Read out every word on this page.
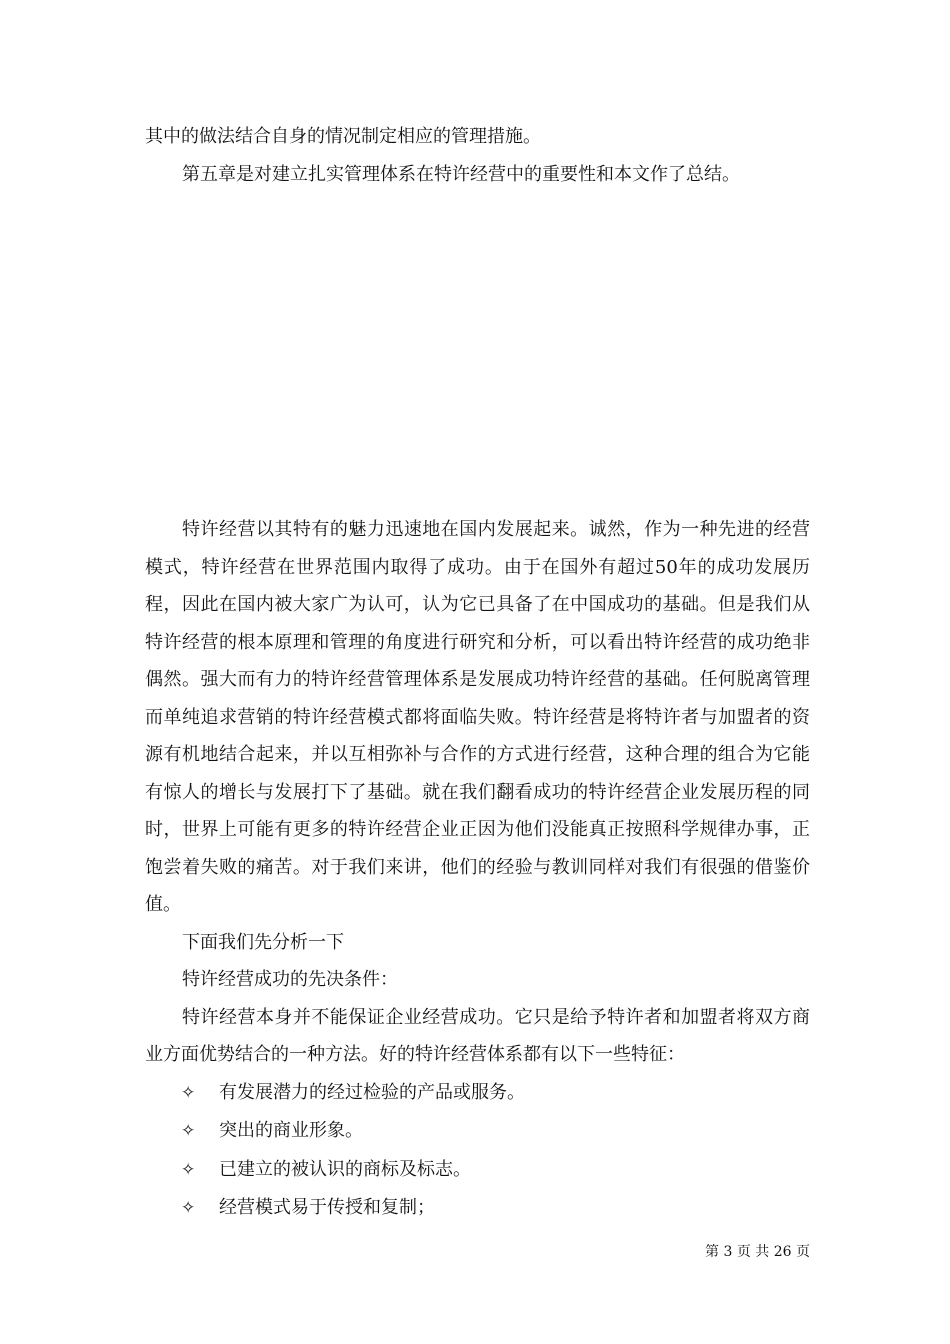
其中的做法结合自身的情况制定相应的管理措施。

第五章是对建立扎实管理体系在特许经营中的重要性和本文作了总结。

特许经营以其特有的魅力迅速地在国内发展起来。诚然，作为一种先进的经营模式，特许经营在世界范围内取得了成功。由于在国外有超过50年的成功发展历程，因此在国内被大家广为认可，认为它已具备了在中国成功的基础。但是我们从特许经营的根本原理和管理的角度进行研究和分析，可以看出特许经营的成功绝非偶然。强大而有力的特许经营管理体系是发展成功特许经营的基础。任何脱离管理而单纯追求营销的特许经营模式都将面临失败。特许经营是将特许者与加盟者的资源有机地结合起来，并以互相弥补与合作的方式进行经营，这种合理的组合为它能有惊人的增长与发展打下了基础。就在我们翻看成功的特许经营企业发展历程的同时，世界上可能有更多的特许经营企业正因为他们没能真正按照科学规律办事，正饱尝着失败的痛苦。对于我们来讲，他们的经验与教训同样对我们有很强的借鉴价值。

下面我们先分析一下

特许经营成功的先决条件：

特许经营本身并不能保证企业经营成功。它只是给予特许者和加盟者将双方商业方面优势结合的一种方法。好的特许经营体系都有以下一些特征：

✧	有发展潜力的经过检验的产品或服务。
✧	突出的商业形象。
✧	已建立的被认识的商标及标志。
✧	经营模式易于传授和复制；
第 3 页 共 26 页
